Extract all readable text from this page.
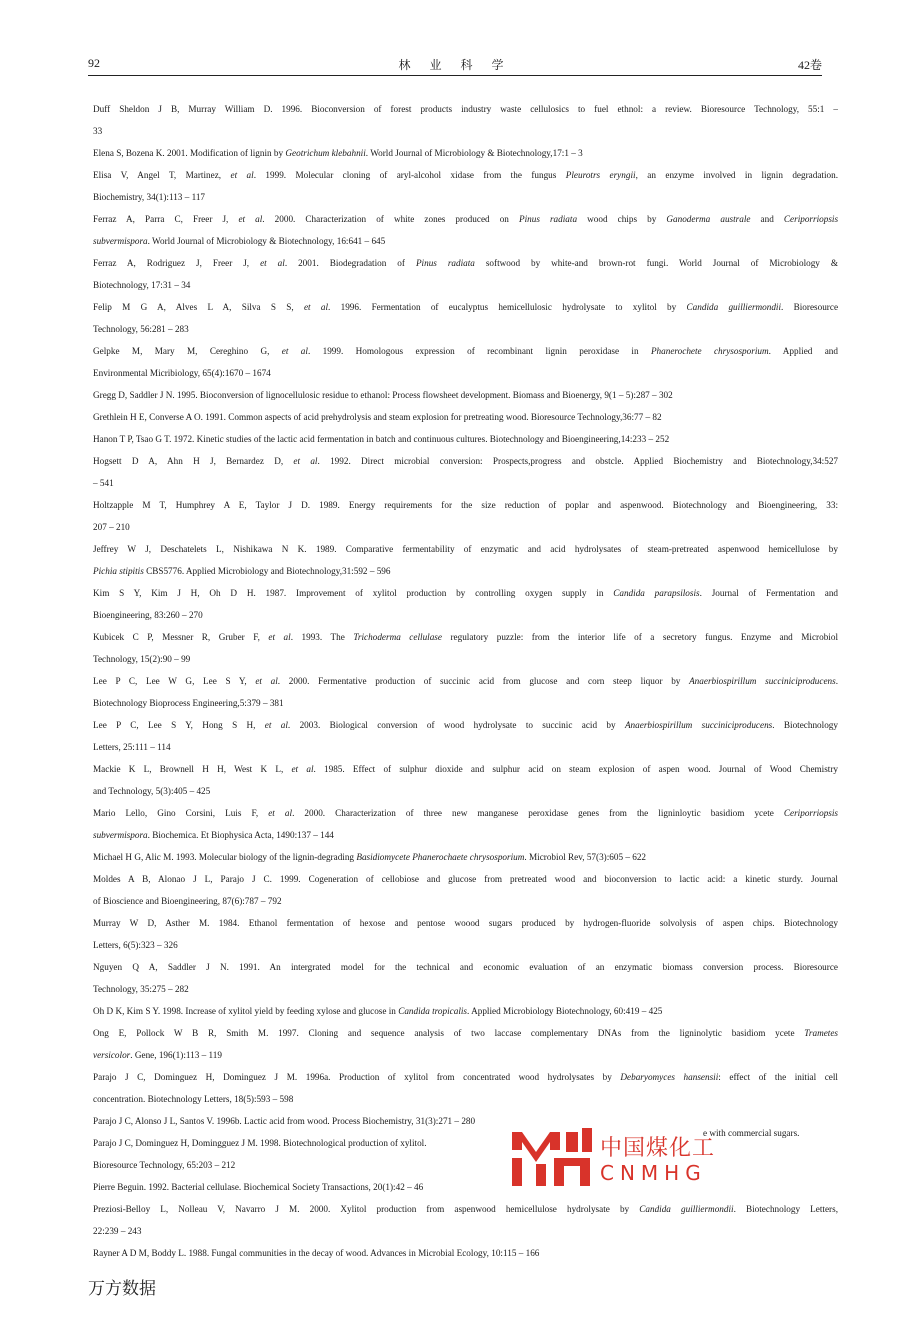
92	林 业 科 学	42卷
Duff Sheldon J B, Murray William D. 1996. Bioconversion of forest products industry waste cellulosics to fuel ethnol: a review. Bioresource Technology, 55:1 –
33
Elena S, Bozena K. 2001. Modification of lignin by Geotrichum klebahnii. World Journal of Microbiology & Biotechnology,17:1 – 3
Elisa V, Angel T, Martinez, et al. 1999. Molecular cloning of aryl-alcohol xidase from the fungus Pleurotrs eryngii, an enzyme involved in lignin degradation.
Biochemistry, 34(1):113 – 117
Ferraz A, Parra C, Freer J, et al. 2000. Characterization of white zones produced on Pinus radiata wood chips by Ganoderma australe and Ceriporriopsis
subvermispora. World Journal of Microbiology & Biotechnology, 16:641 – 645
Ferraz A, Rodriguez J, Freer J, et al. 2001. Biodegradation of Pinus radiata softwood by white-and brown-rot fungi. World Journal of Microbiology &
Biotechnology, 17:31 – 34
Felip M G A, Alves L A, Silva S S, et al. 1996. Fermentation of eucalyptus hemicellulosic hydrolysate to xylitol by Candida guilliermondii. Bioresource
Technology, 56:281 – 283
Gelpke M, Mary M, Cereghino G, et al. 1999. Homologous expression of recombinant lignin peroxidase in Phanerochete chrysosporium. Applied and
Environmental Micribiology, 65(4):1670 – 1674
Gregg D, Saddler J N. 1995. Bioconversion of lignocellulosic residue to ethanol: Process flowsheet development. Biomass and Bioenergy, 9(1 – 5):287 – 302
Grethlein H E, Converse A O. 1991. Common aspects of acid prehydrolysis and steam explosion for pretreating wood. Bioresource Technology,36:77 – 82
Hanon T P, Tsao G T. 1972. Kinetic studies of the lactic acid fermentation in batch and continuous cultures. Biotechnology and Bioengineering,14:233 – 252
Hogsett D A, Ahn H J, Bernardez D, et al. 1992. Direct microbial conversion: Prospects,progress and obstcle. Applied Biochemistry and Biotechnology,34:527
– 541
Holtzapple M T, Humphrey A E, Taylor J D. 1989. Energy requirements for the size reduction of poplar and aspenwood. Biotechnology and Bioengineering, 33:
207 – 210
Jeffrey W J, Deschatelets L, Nishikawa N K. 1989. Comparative fermentability of enzymatic and acid hydrolysates of steam-pretreated aspenwood hemicellulose by
Pichia stipitis CBS5776. Applied Microbiology and Biotechnology,31:592 – 596
Kim S Y, Kim J H, Oh D H. 1987. Improvement of xylitol production by controlling oxygen supply in Candida parapsilosis. Journal of Fermentation and
Bioengineering, 83:260 – 270
Kubicek C P, Messner R, Gruber F, et al. 1993. The Trichoderma cellulase regulatory puzzle: from the interior life of a secretory fungus. Enzyme and Microbiol
Technology, 15(2):90 – 99
Lee P C, Lee W G, Lee S Y, et al. 2000. Fermentative production of succinic acid from glucose and corn steep liquor by Anaerbiospirillum succiniciproducens.
Biotechnology Bioprocess Engineering,5:379 – 381
Lee P C, Lee S Y, Hong S H, et al. 2003. Biological conversion of wood hydrolysate to succinic acid by Anaerbiospirillum succiniciproducens. Biotechnology
Letters, 25:111 – 114
Mackie K L, Brownell H H, West K L, et al. 1985. Effect of sulphur dioxide and sulphur acid on steam explosion of aspen wood. Journal of Wood Chemistry
and Technology, 5(3):405 – 425
Mario Lello, Gino Corsini, Luis F, et al. 2000. Characterization of three new manganese peroxidase genes from the ligninloytic basidiom ycete Ceriporriopsis
subvermispora. Biochemica. Et Biophysica Acta, 1490:137 – 144
Michael H G, Alic M. 1993. Molecular biology of the lignin-degrading Basidiomycete Phanerochaete chrysosporium. Microbiol Rev, 57(3):605 – 622
Moldes A B, Alonao J L, Parajo J C. 1999. Cogeneration of cellobiose and glucose from pretreated wood and bioconversion to lactic acid: a kinetic sturdy. Journal
of Bioscience and Bioengineering, 87(6):787 – 792
Murray W D, Asther M. 1984. Ethanol fermentation of hexose and pentose woood sugars produced by hydrogen-fluoride solvolysis of aspen chips. Biotechnology
Letters, 6(5):323 – 326
Nguyen Q A, Saddler J N. 1991. An intergrated model for the technical and economic evaluation of an enzymatic biomass conversion process. Bioresource
Technology, 35:275 – 282
Oh D K, Kim S Y. 1998. Increase of xylitol yield by feeding xylose and glucose in Candida tropicalis. Applied Microbiology Biotechnology, 60:419 – 425
Ong E, Pollock W B R, Smith M. 1997. Cloning and sequence analysis of two laccase complementary DNAs from the ligninolytic basidiom ycete Trametes
versicolor. Gene, 196(1):113 – 119
Parajo J C, Dominguez H, Dominguez J M. 1996a. Production of xylitol from concentrated wood hydrolysates by Debaryomyces hansensii: effect of the initial cell
concentration. Biotechnology Letters, 18(5):593 – 598
Parajo J C, Alonso J L, Santos V. 1996b. Lactic acid from wood. Process Biochemistry, 31(3):271 – 280
Parajo J C, Dominguez H, Domingguez J M. 1998. Biotechnological production of xylitol.
Bioresource Technology, 65:203 – 212
Pierre Beguin. 1992. Bacterial cellulase. Biochemical Society Transactions, 20(1):42 – 46
Preziosi-Belloy L, Nolleau V, Navarro J M. 2000. Xylitol production from aspenwood hemicellulose hydrolysate by Candida guilliermondii. Biotechnology Letters,
22:239 – 243
Rayner A D M, Boddy L. 1988. Fungal communities in the decay of wood. Advances in Microbial Ecology, 10:115 – 166
中国煤化工
CNMHG
e with commercial sugars.
万方数据
